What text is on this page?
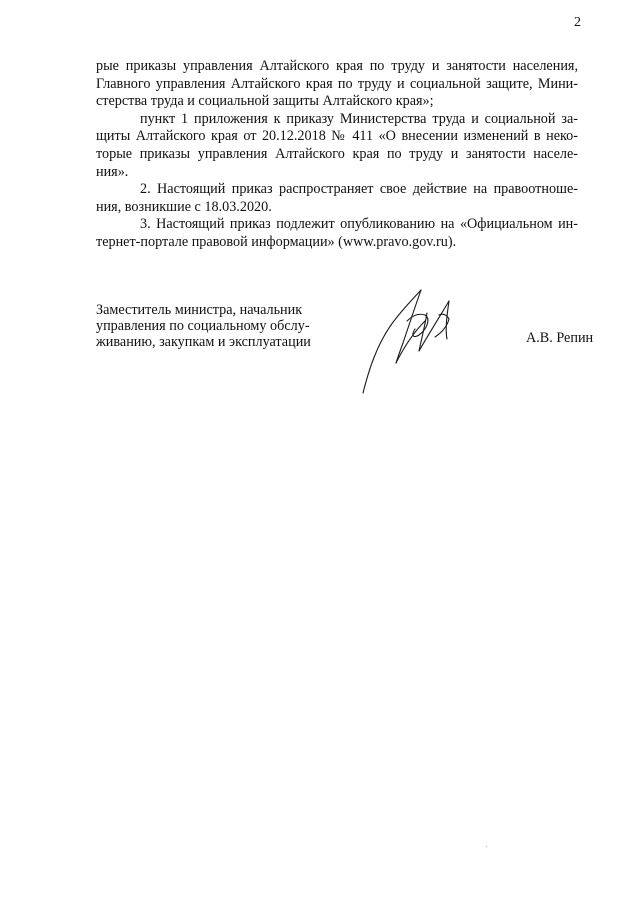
2
рые приказы управления Алтайского края по труду и занятости населения,
Главного управления Алтайского края по труду и социальной защите, Мини-
стерства труда и социальной защиты Алтайского края»;
пункт 1 приложения к приказу Министерства труда и социальной за-
щиты Алтайского края от 20.12.2018 № 411 «О внесении изменений в неко-
торые приказы управления Алтайского края по труду и занятости населе-
ния».
2. Настоящий приказ распространяет свое действие на правоотноше-
ния, возникшие с 18.03.2020.
3. Настоящий приказ подлежит опубликованию на «Официальном ин-
тернет-портале правовой информации» (www.pravo.gov.ru).
Заместитель министра, начальник
управления по социальному обслу-
живанию, закупкам и эксплуатации	А.В. Репин
